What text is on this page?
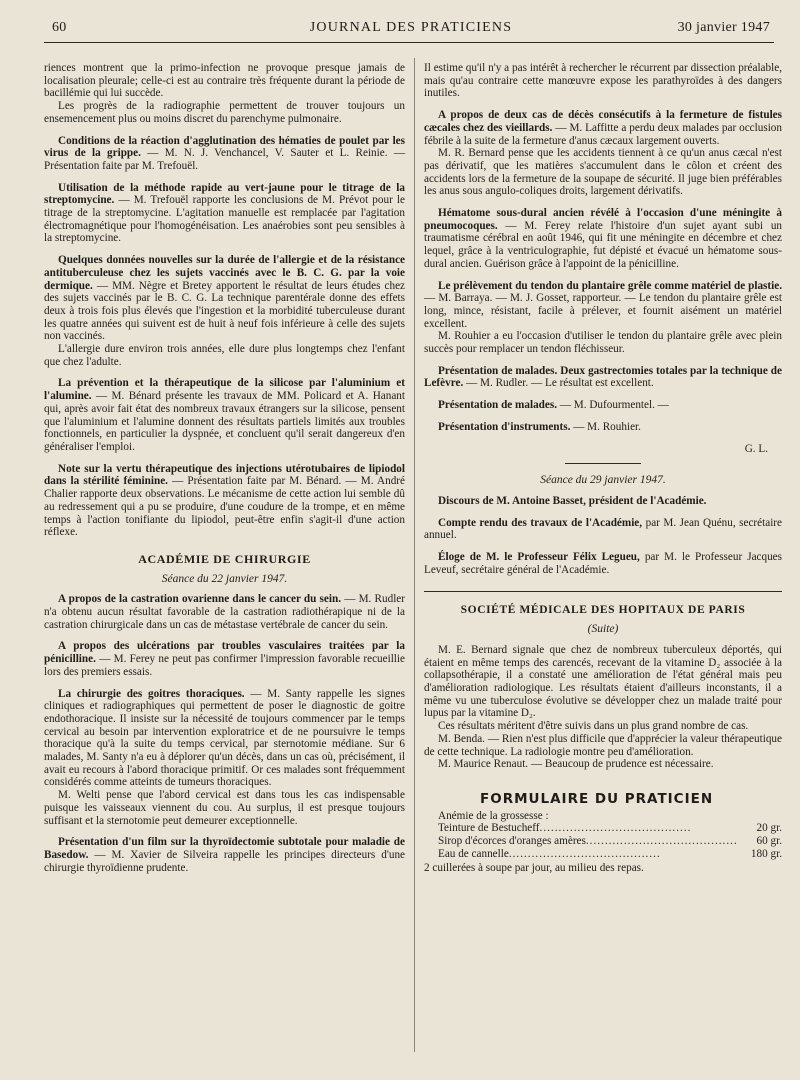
60	JOURNAL DES PRATICIENS	30 janvier 1947

riences montrent que la primo-infection ne provoque presque jamais de localisation pleurale; celle-ci est au contraire très fréquente durant la période de bacillémie qui lui succède.

Les progrès de la radiographie permettent de trouver toujours un ensemencement plus ou moins discret du parenchyme pulmonaire.

Conditions de la réaction d'agglutination des hématies de poulet par les virus de la grippe. — M. N. J. Venchancel, V. Sauter et L. Reinie. — Présentation faite par M. Trefouël.

Utilisation de la méthode rapide au vert-jaune pour le titrage de la streptomycine. — M. Trefouël rapporte les conclusions de M. Prévot pour le titrage de la streptomycine. L'agitation manuelle est remplacée par l'agitation électromagnétique pour l'homogénéisation. Les anaérobies sont peu sensibles à la streptomycine.

Quelques données nouvelles sur la durée de l'allergie et de la résistance antituberculeuse chez les sujets vaccinés avec le B. C. G. par la voie dermique. — MM. Nègre et Bretey apportent le résultat de leurs études chez des sujets vaccinés par le B. C. G. La technique parentérale donne des effets deux à trois fois plus élevés que l'ingestion et la morbidité tuberculeuse durant les quatre années qui suivent est de huit à neuf fois inférieure à celle des sujets non vaccinés.

L'allergie dure environ trois années, elle dure plus longtemps chez l'enfant que chez l'adulte.

La prévention et la thérapeutique de la silicose par l'aluminium et l'alumine. — M. Bénard présente les travaux de MM. Policard et A. Hanant qui, après avoir fait état des nombreux travaux étrangers sur la silicose, pensent que l'aluminium et l'alumine donnent des résultats partiels limités aux troubles fonctionnels, en particulier la dyspnée, et concluent qu'il serait dangereux d'en généraliser l'emploi.

Note sur la vertu thérapeutique des injections utérotubaires de lipiodol dans la stérilité féminine. — Présentation faite par M. Bénard. — M. André Chalier rapporte deux observations. Le mécanisme de cette action lui semble dû au redressement qui a pu se produire, d'une coudure de la trompe, et en même temps à l'action tonifiante du lipiodol, peut-être enfin s'agit-il d'une action réflexe.

ACADÉMIE DE CHIRURGIE
Séance du 22 janvier 1947.

A propos de la castration ovarienne dans le cancer du sein. — M. Rudler n'a obtenu aucun résultat favorable de la castration radiothérapique ni de la castration chirurgicale dans un cas de métastase vertébrale de cancer du sein.

A propos des ulcérations par troubles vasculaires traitées par la pénicilline. — M. Ferey ne peut pas confirmer l'impression favorable recueillie lors des premiers essais.

La chirurgie des goitres thoraciques. — M. Santy rappelle les signes cliniques et radiographiques qui permettent de poser le diagnostic de goitre endothoracique. Il insiste sur la nécessité de toujours commencer par le temps cervical au besoin par intervention exploratrice et de ne poursuivre le temps thoracique qu'à la suite du temps cervical, par sternotomie médiane. Sur 6 malades, M. Santy n'a eu à déplorer qu'un décès, dans un cas où, précisément, il avait eu recours à l'abord thoracique primitif. Or ces malades sont fréquemment considérés comme atteints de tumeurs thoraciques.

M. Welti pense que l'abord cervical est dans tous les cas indispensable puisque les vaisseaux viennent du cou. Au surplus, il est presque toujours suffisant et la sternotomie peut demeurer exceptionnelle.

Présentation d'un film sur la thyroïdectomie subtotale pour maladie de Basedow. — M. Xavier de Silveira rappelle les principes directeurs d'une chirurgie thyroïdienne prudente.

Il estime qu'il n'y a pas intérêt à rechercher le récurrent par dissection préalable, mais qu'au contraire cette manœuvre expose les parathyroïdes à des dangers inutiles.

A propos de deux cas de décès consécutifs à la fermeture de fistules cæcales chez des vieillards. — M. Laffitte a perdu deux malades par occlusion fébrile à la suite de la fermeture d'anus cæcaux largement ouverts.

M. R. Bernard pense que les accidents tiennent à ce qu'un anus cæcal n'est pas dérivatif, que les matières s'accumulent dans le côlon et créent des accidents lors de la fermeture de la soupape de sécurité. Il juge bien préférables les anus sous angulo-coliques droits, largement dérivatifs.

Hématome sous-dural ancien révélé à l'occasion d'une méningite à pneumocoques. — M. Ferey relate l'histoire d'un sujet ayant subi un traumatisme cérébral en août 1946, qui fit une méningite en décembre et chez lequel, grâce à la ventriculographie, fut dépisté et évacué un hématome sous-dural ancien. Guérison grâce à l'appoint de la pénicilline.

Le prélèvement du tendon du plantaire grêle comme matériel de plastie. — M. Barraya. — M. J. Gosset, rapporteur. — Le tendon du plantaire grêle est long, mince, résistant, facile à prélever, et fournit aisément un matériel excellent.

M. Rouhier a eu l'occasion d'utiliser le tendon du plantaire grêle avec plein succès pour remplacer un tendon fléchisseur.

Présentation de malades. Deux gastrectomies totales par la technique de Lefèvre. — M. Rudler. — Le résultat est excellent.

Présentation de malades. — M. Dufourmentel. —

Présentation d'instruments. — M. Rouhier.

G. L.
Séance du 29 janvier 1947.

Discours de M. Antoine Basset, président de l'Académie.

Compte rendu des travaux de l'Académie, par M. Jean Quénu, secrétaire annuel.

Éloge de M. le Professeur Félix Legueu, par M. le Professeur Jacques Leveuf, secrétaire général de l'Académie.

SOCIÉTÉ MÉDICALE DES HOPITAUX DE PARIS
(Suite)

M. E. Bernard signale que chez de nombreux tuberculeux déportés, qui étaient en même temps des carencés, recevant de la vitamine D₂ associée à la collapsothérapie, il a constaté une amélioration de l'état général mais peu d'amélioration radiologique. Les résultats étaient d'ailleurs inconstants, il a même vu une tuberculose évolutive se développer chez un malade traité pour lupus par la vitamine D₂.

Ces résultats méritent d'être suivis dans un plus grand nombre de cas.

M. Benda. — Rien n'est plus difficile que d'apprécier la valeur thérapeutique de cette technique. La radiologie montre peu d'amélioration.

M. Maurice Renaut. — Beaucoup de prudence est nécessaire.

FORMULAIRE DU PRATICIEN
Anémie de la grossesse :
Teinture de Bestucheff ........................................	20 gr.
Sirop d'écorces d'oranges amères ........................................	60 gr.
Eau de cannelle ........................................	180 gr.

2 cuillerées à soupe par jour, au milieu des repas.
